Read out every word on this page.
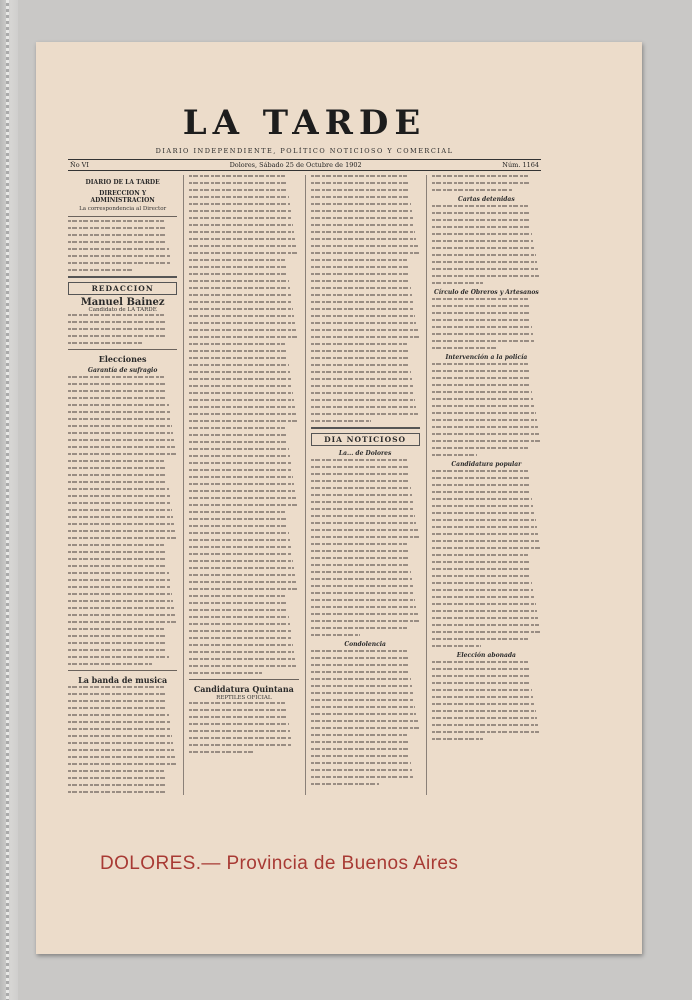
LA TARDE
DIARIO INDEPENDIENTE, POLÍTICO NOTICIOSO Y COMERCIAL
Ño VI	Dolores, Sábado 25 de Octubre de 1902	Núm. 1164
DIARIO DE LA TARDE
DIRECCION Y ADMINISTRACION
La correspondencia al Director
REDACCION
Manuel Bainez
Candidato de LA TARDE
Elecciones
Garantía de sufragio
La banda de musica
Candidatura Quintana
REPTILES OFICIAL
DIA NOTICIOSO
La... de Dolores
Condolencia
Cartas detenidas
Círculo de Obreros y Artesanos
Intervención a la policía
Candidatura popular
Elección abonada
DOLORES.— Provincia de Buenos Aires
